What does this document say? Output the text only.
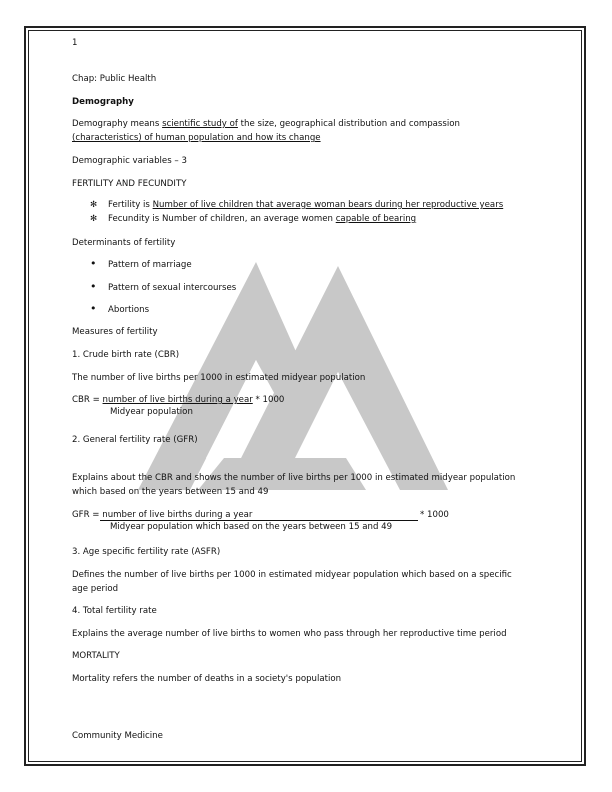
1
Chap: Public Health
Demography
Demography means scientific study of the size, geographical distribution and compassion
(characteristics) of human population and how its change
Demographic variables – 3
FERTILITY AND FECUNDITY
✻ Fertility is Number of live children that average woman bears during her reproductive years
✻ Fecundity is Number of children, an average women capable of bearing
Determinants of fertility
• Pattern of marriage
• Pattern of sexual intercourses
• Abortions
Measures of fertility
1. Crude birth rate (CBR)
The number of live births per 1000 in estimated midyear population
CBR = number of live births during a year * 1000
Midyear population
2. General fertility rate (GFR)
Explains about the CBR and shows the number of live births per 1000 in estimated midyear population
which based on the years between 15 and 49
GFR = number of live births during a year	* 1000
Midyear population which based on the years between 15 and 49
3. Age specific fertility rate (ASFR)
Defines the number of live births per 1000 in estimated midyear population which based on a specific
age period
4. Total fertility rate
Explains the average number of live births to women who pass through her reproductive time period
MORTALITY
Mortality refers the number of deaths in a society's population
Community Medicine
